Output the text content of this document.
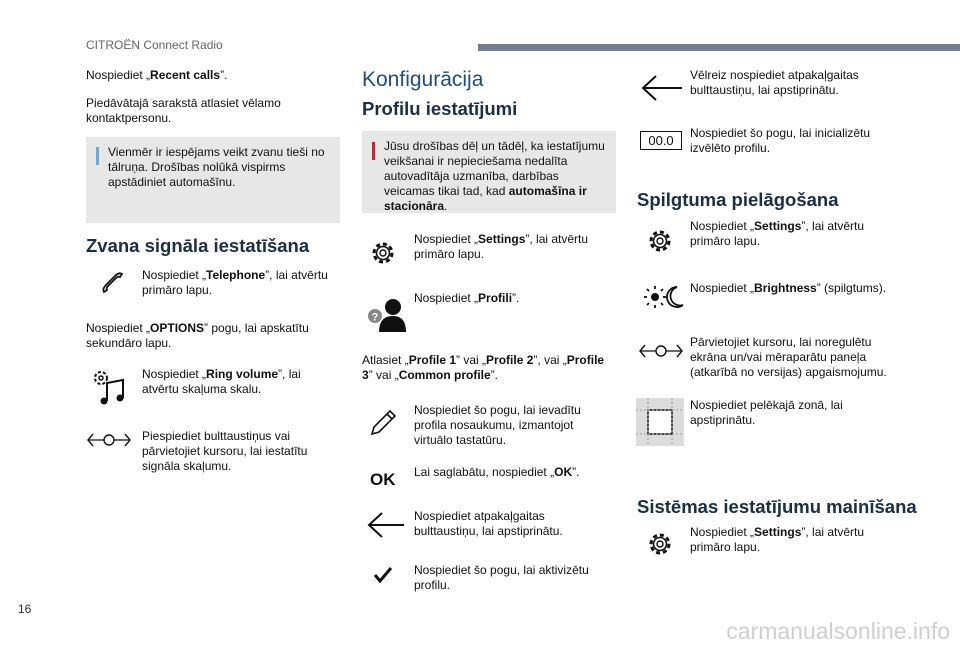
CITROËN Connect Radio
Nospiediet „Recent calls”.
Piedāvātajā sarakstā atlasiet vēlamo kontaktpersonu.
Vienmēr ir iespējams veikt zvanu tieši no tālruņa. Drošības nolūkā vispirms apstādiniet automašīnu.
Zvana signāla iestatīšana
Nospiediet „Telephone”, lai atvērtu primāro lapu.
Nospiediet „OPTIONS” pogu, lai apskatītu sekundāro lapu.
Nospiediet „Ring volume”, lai atvērtu skaļuma skalu.
Piespiediet bulttaustiņus vai pārvietojiet kursoru, lai iestatītu signāla skaļumu.
Konfigurācija
Profilu iestatījumi
Jūsu drošības dēļ un tādēļ, ka iestatījumu veikšanai ir nepieciešama nedalīta autovadītāja uzmanība, darbības veicamas tikai tad, kad automašīna ir stacionāra.
Nospiediet „Settings”, lai atvērtu primāro lapu.
?
Nospiediet „Profili”.
Atlasiet „Profile 1” vai „Profile 2”, vai „Profile 3” vai „Common profile”.
Nospiediet šo pogu, lai ievadītu profila nosaukumu, izmantojot virtuālo tastatūru.
OK Lai saglabātu, nospiediet „OK”.
Nospiediet atpakaļgaitas bulttaustiņu, lai apstiprinātu.
Nospiediet šo pogu, lai aktivizētu profilu.
Vēlreiz nospiediet atpakaļgaitas bulttaustiņu, lai apstiprinātu.
00.0	Nospiediet šo pogu, lai inicializētu izvēlēto profilu.
Spilgtuma pielāgošana
Nospiediet „Settings”, lai atvērtu primāro lapu.
Nospiediet „Brightness” (spilgtums).
Pārvietojiet kursoru, lai noregulētu ekrāna un/vai mēraparātu paneļa (atkarībā no versijas) apgaismojumu.
Nospiediet pelēkajā zonā, lai apstiprinātu.
Sistēmas iestatījumu mainīšana
Nospiediet „Settings”, lai atvērtu primāro lapu.
16
carmanualsonline.info
